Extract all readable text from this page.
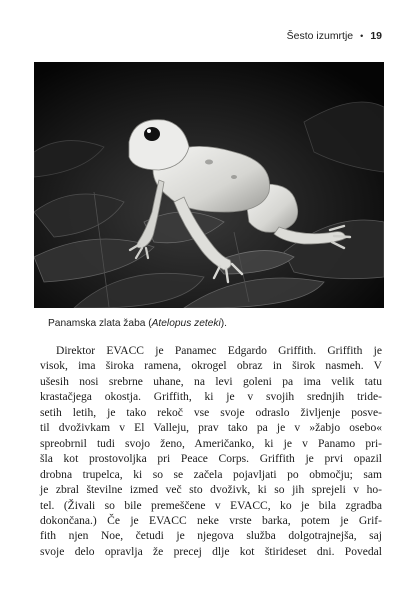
Šesto izumrtje • 19
Panamska zlata žaba (Atelopus zeteki).
Direktor EVACC je Panamec Edgardo Griffith. Griffith je
visok, ima široka ramena, okrogel obraz in širok nasmeh. V
ušesih nosi srebrne uhane, na levi goleni pa ima velik tatu
krastačjega okostja. Griffith, ki je v svojih srednjih tride-
setih letih, je tako rekoč vse svoje odraslo življenje posve-
til dvoživkam v El Valleju, prav tako pa je v »žabjo osebo«
spreobrnil tudi svojo ženo, Američanko, ki je v Panamo pri-
šla kot prostovoljka pri Peace Corps. Griffith je prvi opazil
drobna trupelca, ki so se začela pojavljati po območju; sam
je zbral številne izmed več sto dvoživk, ki so jih sprejeli v ho-
tel. (Živali so bile premeščene v EVACC, ko je bila zgradba
dokončana.) Če je EVACC neke vrste barka, potem je Grif-
fith njen Noe, četudi je njegova služba dolgotrajnejša, saj
svoje delo opravlja že precej dlje kot štirideset dni. Povedal
